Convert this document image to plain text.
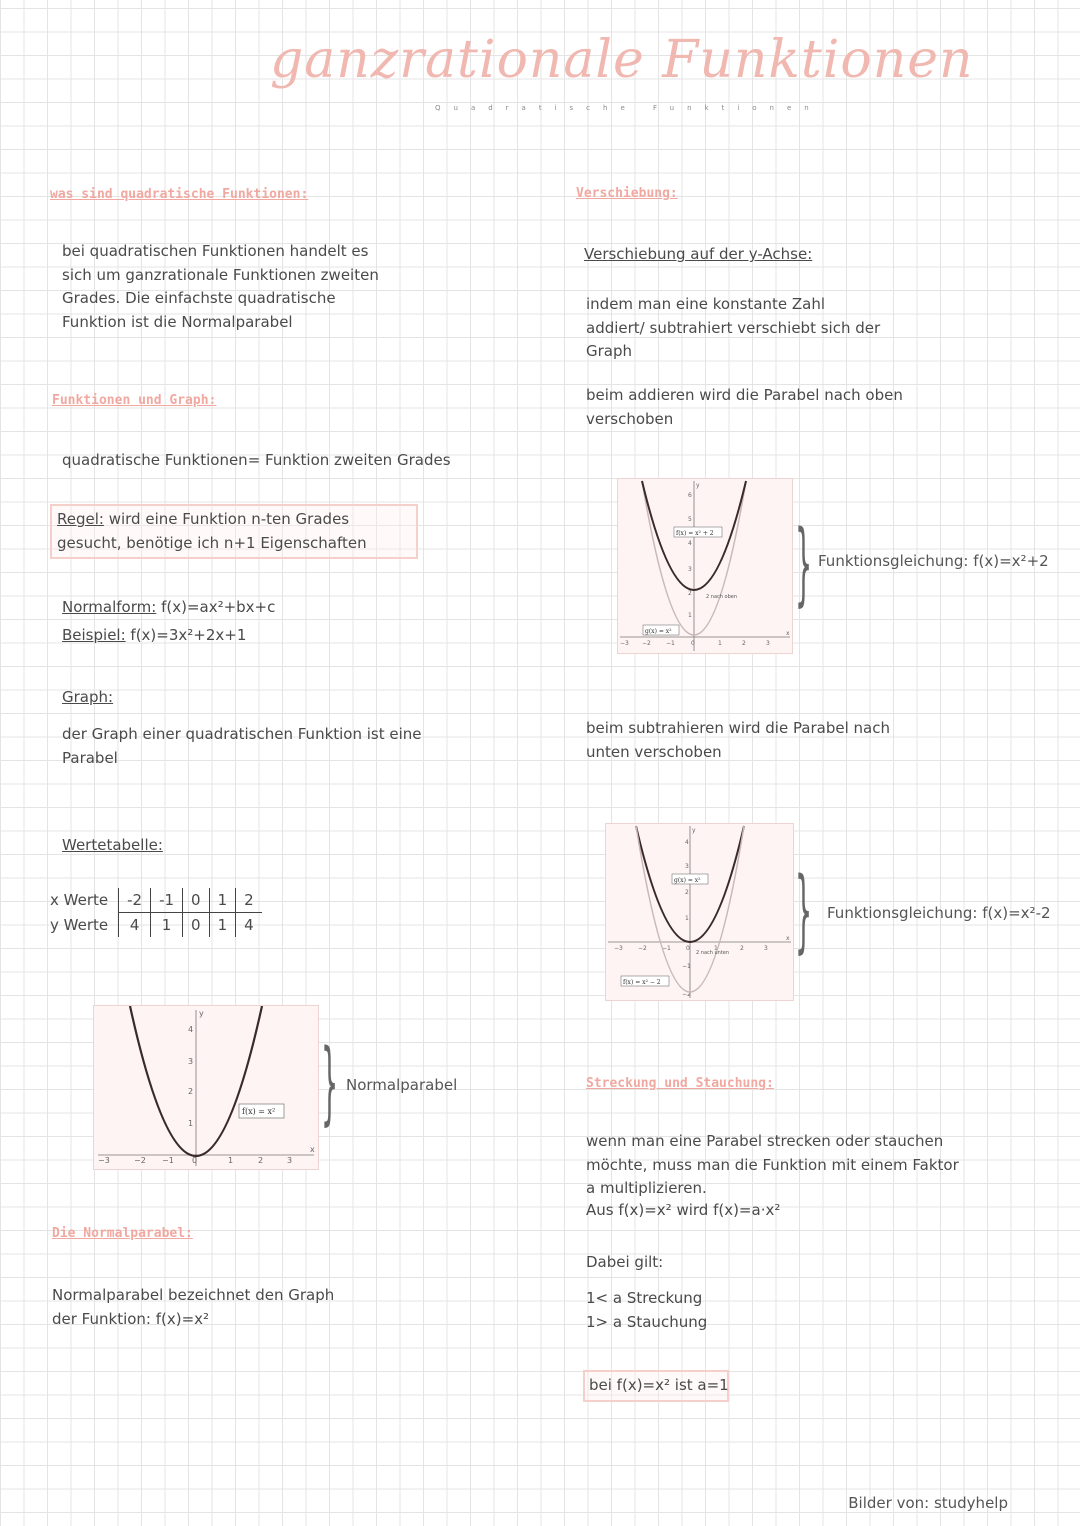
ganzrationale Funktionen
Quadratische Funktionen
was sind quadratische Funktionen:
bei quadratischen Funktionen handelt es sich um ganzrationale Funktionen zweiten Grades. Die einfachste quadratische Funktion ist die Normalparabel
Funktionen und Graph:
quadratische Funktionen= Funktion zweiten Grades
Regel: wird eine Funktion n-ten Grades gesucht, benötige ich n+1 Eigenschaften
Normalform: f(x)=ax²+bx+c
Beispiel: f(x)=3x²+2x+1
Graph:
der Graph einer quadratischen Funktion ist eine Parabel
Wertetabelle:
x Werte	-2	-1	0	1	2
y Werte	4	1	0	1	4
−3	−2 −1 0	1	2	3
1
2
3
4
y
x
f(x) = x² } Normalparabel
Die Normalparabel:
Normalparabel bezeichnet den Graph der Funktion: f(x)=x²
Verschiebung:
Verschiebung auf der y-Achse:
indem man eine konstante Zahl addiert/ subtrahiert verschiebt sich der Graph
beim addieren wird die Parabel nach oben verschoben
−3 −2	−1	0	1	2	3
1
2
3
4
5
6
y
x
f(x) = x² + 2
g(x) = x²
2 nach oben } Funktionsgleichung: f(x)=x²+2
beim subtrahieren wird die Parabel nach unten verschoben
−3	−2	−1	0	1	2	3
1
2
3
4
−1
−2
y
x
g(x) = x²
f(x) = x² − 2
2 nach unten } Funktionsgleichung: f(x)=x²-2
Streckung und Stauchung:
wenn man eine Parabel strecken oder stauchen möchte, muss man die Funktion mit einem Faktor a multiplizieren.
Aus f(x)=x² wird f(x)=a·x²
Dabei gilt:
1< a Streckung
1> a Stauchung
bei f(x)=x² ist a=1
Bilder von: studyhelp
